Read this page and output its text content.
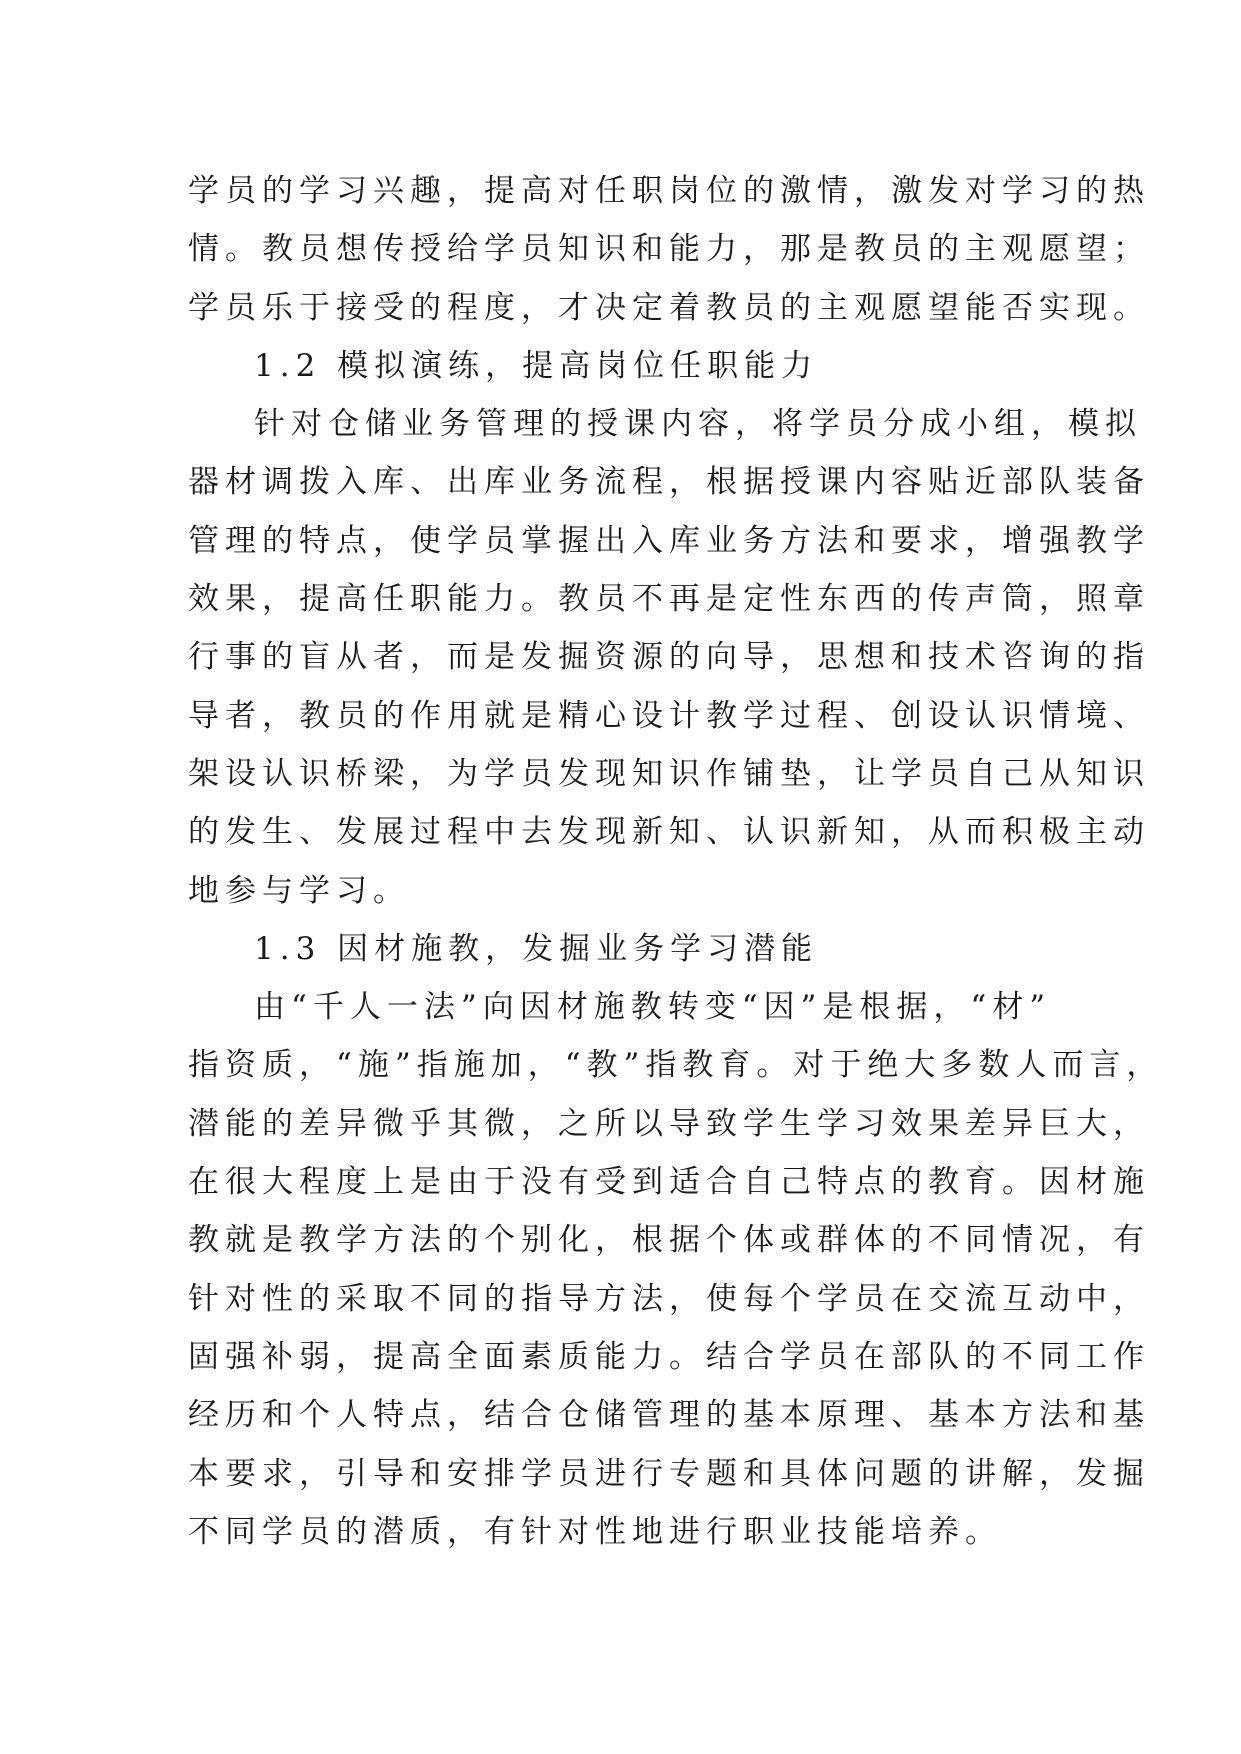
学员的学习兴趣，提高对任职岗位的激情，激发对学习的热
情。教员想传授给学员知识和能力，那是教员的主观愿望；
学员乐于接受的程度，才决定着教员的主观愿望能否实现。
1.2 模拟演练，提高岗位任职能力
针对仓储业务管理的授课内容，将学员分成小组，模拟
器材调拨入库、出库业务流程，根据授课内容贴近部队装备
管理的特点，使学员掌握出入库业务方法和要求，增强教学
效果，提高任职能力。教员不再是定性东西的传声筒，照章
行事的盲从者，而是发掘资源的向导，思想和技术咨询的指
导者，教员的作用就是精心设计教学过程、创设认识情境、
架设认识桥梁，为学员发现知识作铺垫，让学员自己从知识
的发生、发展过程中去发现新知、认识新知，从而积极主动
地参与学习。
1.3 因材施教，发掘业务学习潜能
由“千人一法”向因材施教转变“因”是根据，“材”
指资质，“施”指施加，“教”指教育。对于绝大多数人而言，
潜能的差异微乎其微，之所以导致学生学习效果差异巨大，
在很大程度上是由于没有受到适合自己特点的教育。因材施
教就是教学方法的个别化，根据个体或群体的不同情况，有
针对性的采取不同的指导方法，使每个学员在交流互动中，
固强补弱，提高全面素质能力。结合学员在部队的不同工作
经历和个人特点，结合仓储管理的基本原理、基本方法和基
本要求，引导和安排学员进行专题和具体问题的讲解，发掘
不同学员的潜质，有针对性地进行职业技能培养。
